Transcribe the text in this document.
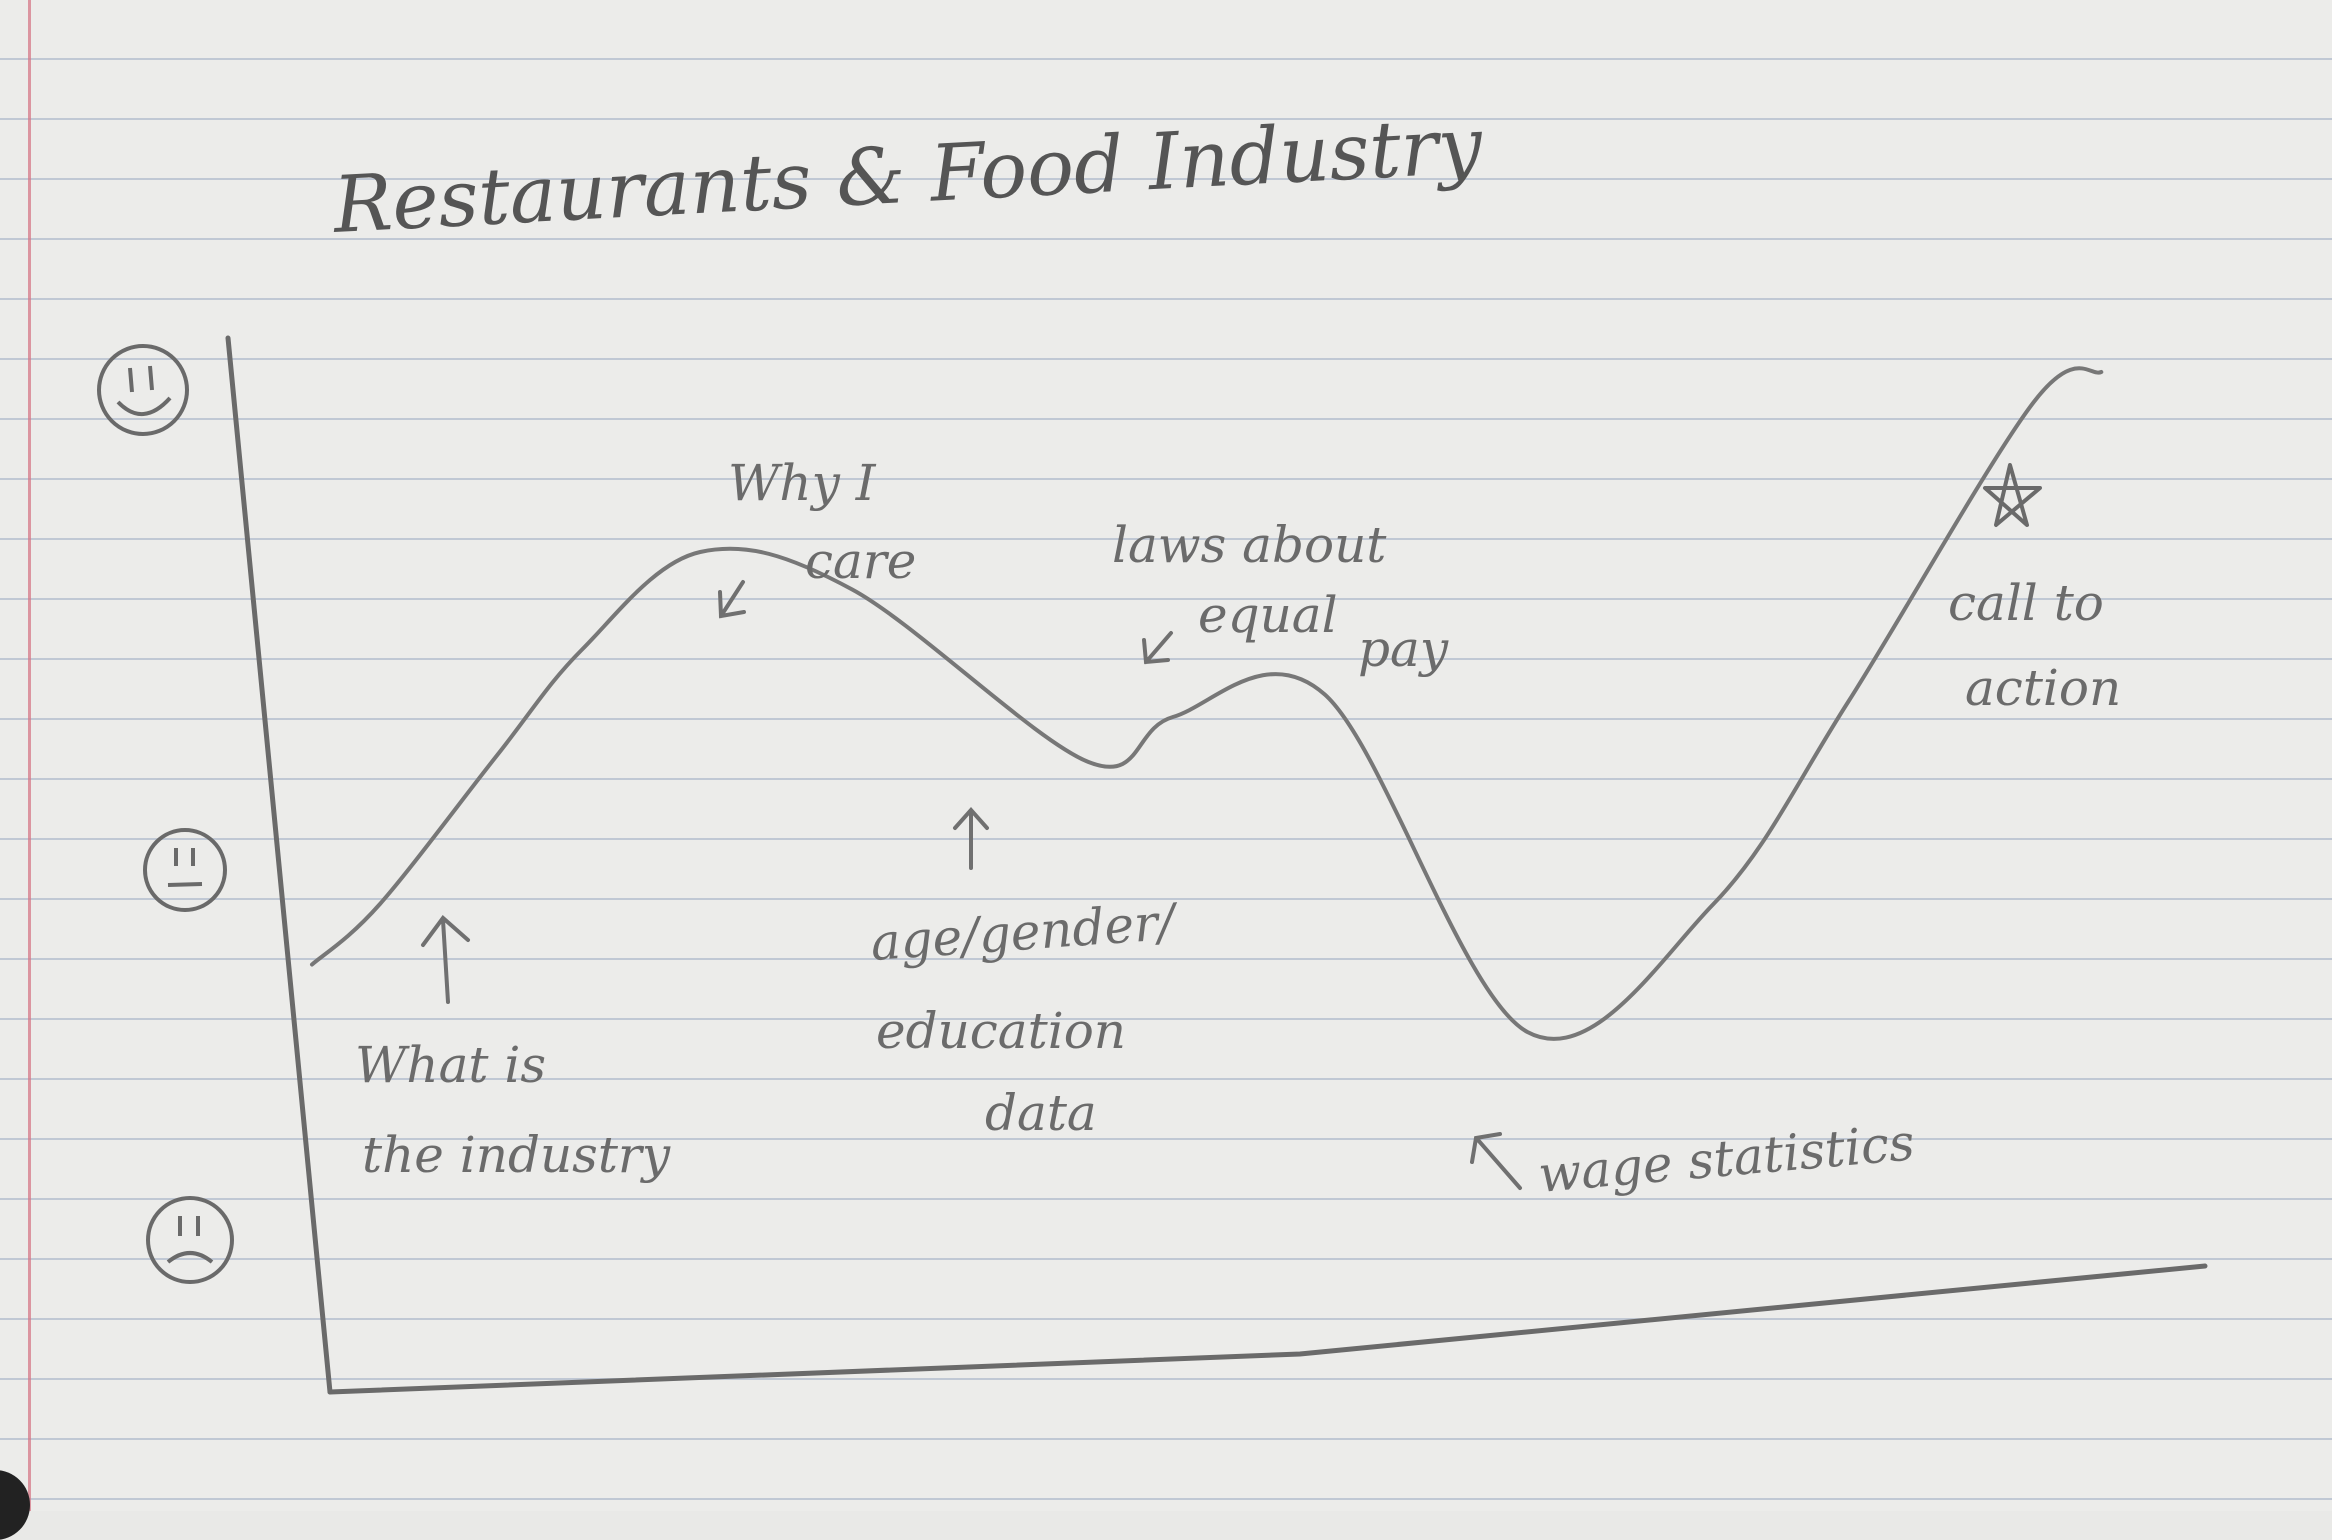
Restaurants & Food Industry
What is
the industry
Why I
care
age/gender/
education
data
laws about
equal
pay
wage statistics
call to
action
